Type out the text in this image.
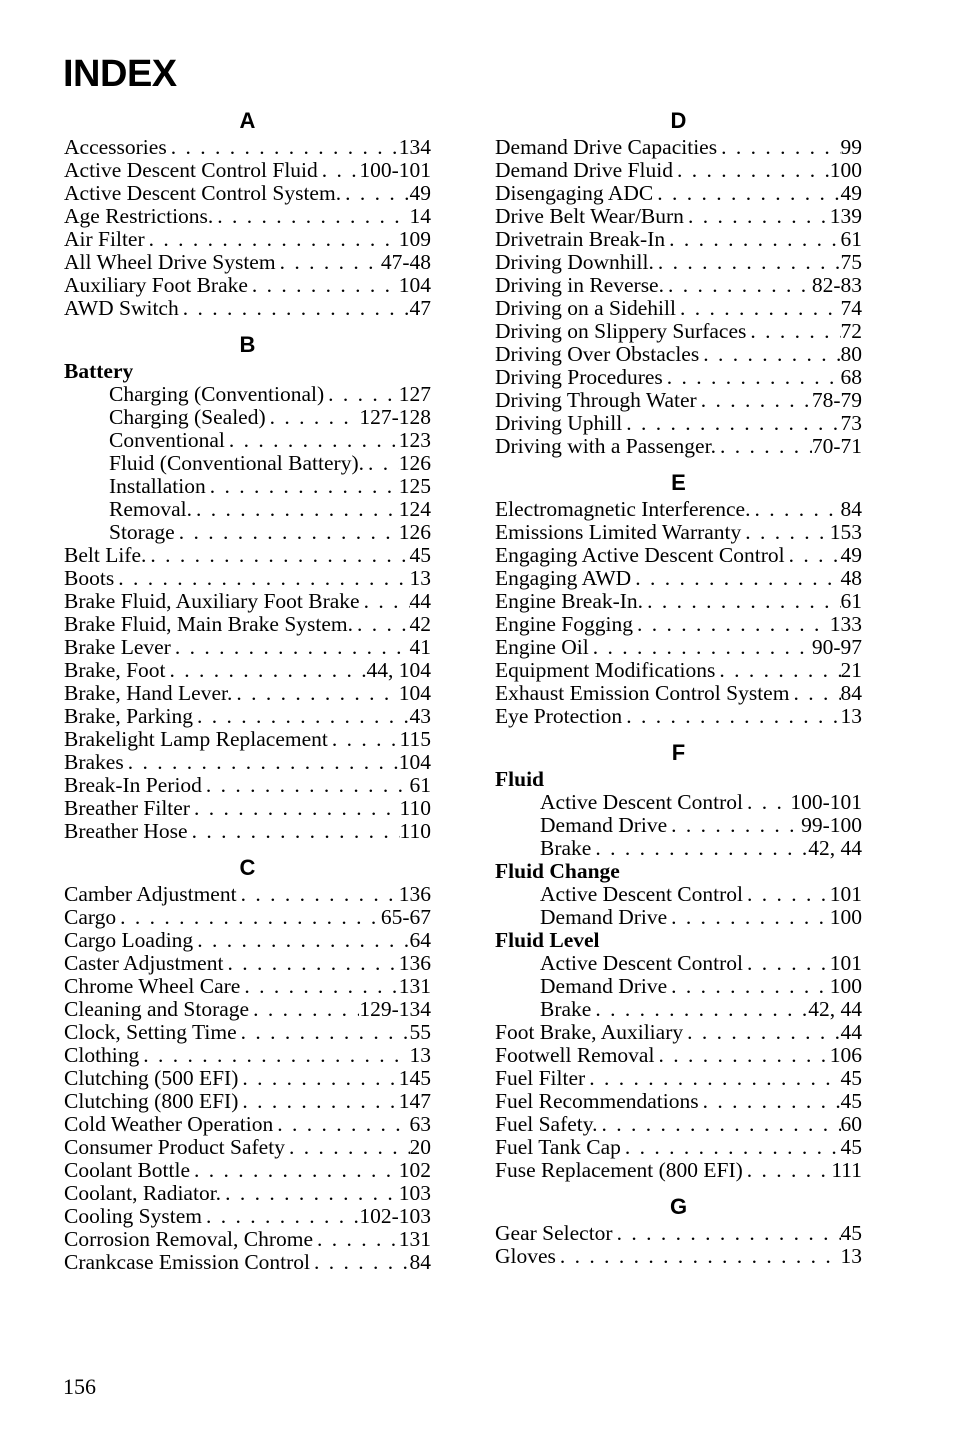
INDEX
A
Accessories . . .	134
Active Descent Control Fluid . . . 100-101
Active Descent Control System. . . .	49
Age Restrictions. . . .	14
Air Filter . . .	109
All Wheel Drive System . . .	47-48
Auxiliary Foot Brake . . .	104
AWD Switch . . .	47
B
Battery
Charging (Conventional) . . .	127
Charging (Sealed) . . .	127-128
Conventional . . .	123
Fluid (Conventional Battery). . . . 126
Installation . . .	125
Removal. . . .	124
Storage . . .	126
Belt Life. . . .	45
Boots . . .	13
Brake Fluid, Auxiliary Foot Brake . . . 44
Brake Fluid, Main Brake System. . . .	42
Brake Lever . . .	41
Brake, Foot . . .	44, 104
Brake, Hand Lever. . . .	104
Brake, Parking . . .	43
Brakelight Lamp Replacement . . .	115
Brakes . . .	104
Break-In Period . . .	61
Breather Filter . . .	110
Breather Hose . . .	110
C
Camber Adjustment . . .	136
Cargo . . .	65-67
Cargo Loading . . .	64
Caster Adjustment . . .	136
Chrome Wheel Care . . .	131
Cleaning and Storage . . .	129-134
Clock, Setting Time . . .	55
Clothing . . .	13
Clutching (500 EFI) . . .	145
Clutching (800 EFI) . . .	147
Cold Weather Operation . . .	63
Consumer Product Safety . . .	20
Coolant Bottle . . .	102
Coolant, Radiator. . . .	103
Cooling System . . .	102-103
Corrosion Removal, Chrome . . .	131
Crankcase Emission Control . . .	84
D
Demand Drive Capacities . . .	99
Demand Drive Fluid . . .	100
Disengaging ADC . . .	49
Drive Belt Wear/Burn . . .	139
Drivetrain Break-In . . .	61
Driving Downhill. . . .	75
Driving in Reverse. . . .	82-83
Driving on a Sidehill . . .	74
Driving on Slippery Surfaces . . .	72
Driving Over Obstacles . . .	80
Driving Procedures . . .	68
Driving Through Water . . .	78-79
Driving Uphill . . .	73
Driving with a Passenger. . . .	70-71
E
Electromagnetic Interference. . . .	84
Emissions Limited Warranty . . .	153
Engaging Active Descent Control . . .	49
Engaging AWD . . .	48
Engine Break-In. . . .	61
Engine Fogging . . .	133
Engine Oil . . .	90-97
Equipment Modifications . . .	21
Exhaust Emission Control System . . . 84
Eye Protection . . .	13
F
Fluid
Active Descent Control . . . 100-101
Demand Drive . . .	99-100
Brake . . .	42, 44
Fluid Change
Active Descent Control . . .	101
Demand Drive . . .	100
Fluid Level
Active Descent Control . . .	101
Demand Drive . . .	100
Brake . . .	42, 44
Foot Brake, Auxiliary . . .	44
Footwell Removal . . .	106
Fuel Filter . . .	45
Fuel Recommendations . . .	45
Fuel Safety. . . .	60
Fuel Tank Cap . . .	45
Fuse Replacement (800 EFI) . . .	111
G
Gear Selector . . .	45
Gloves . . .	13
156
